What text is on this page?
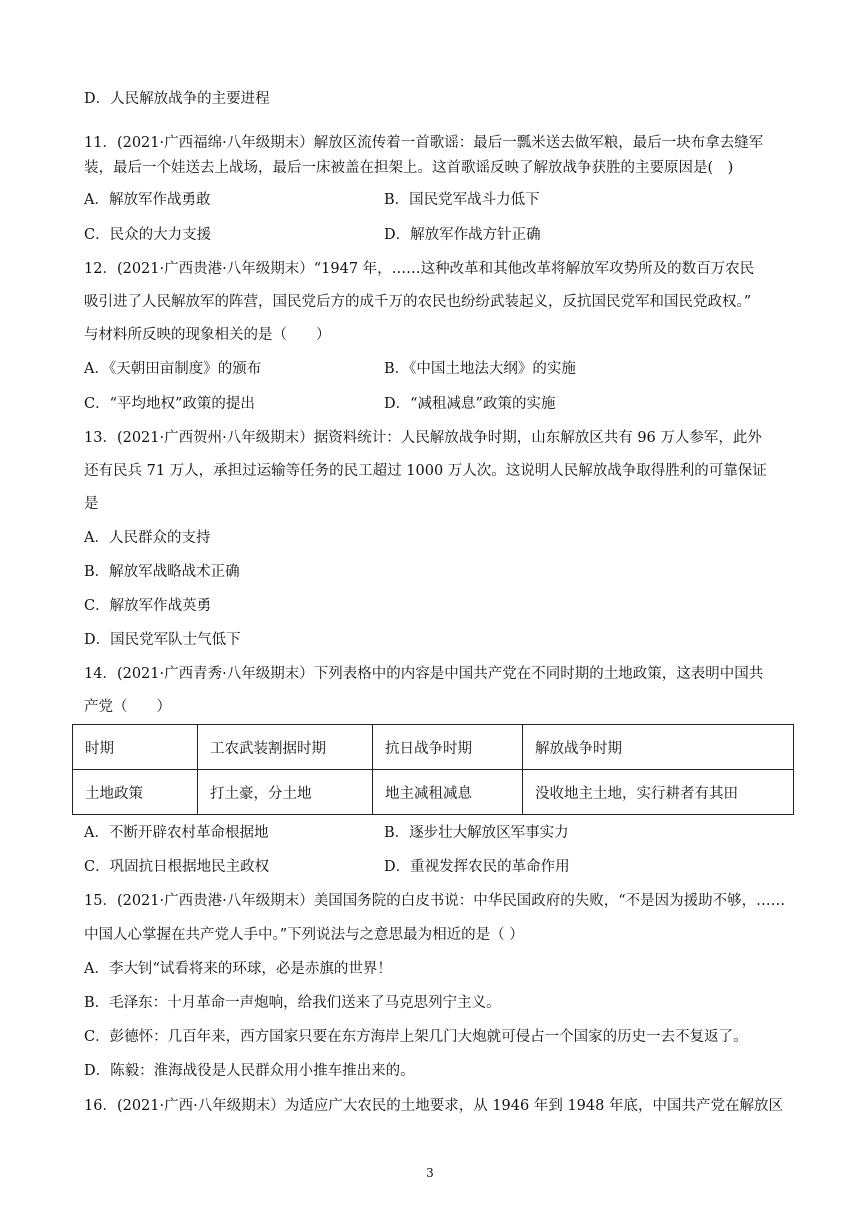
D．人民解放战争的主要进程
11．(2021·广西福绵·八年级期末）解放区流传着一首歌谣：最后一瓢米送去做军粮，最后一块布拿去缝军
装，最后一个娃送去上战场，最后一床被盖在担架上。这首歌谣反映了解放战争获胜的主要原因是(　)
A．解放军作战勇敢	B．国民党军战斗力低下
C．民众的大力支援	D．解放军作战方针正确
12．(2021·广西贵港·八年级期末）“1947 年，……这种改革和其他改革将解放军攻势所及的数百万农民
吸引进了人民解放军的阵营，国民党后方的成千万的农民也纷纷武装起义，反抗国民党军和国民党政权。”
与材料所反映的现象相关的是（　　）
A．《天朝田亩制度》的颁布	B．《中国土地法大纲》的实施
C．“平均地权”政策的提出	D．“减租减息”政策的实施
13．(2021·广西贺州·八年级期末）据资料统计：人民解放战争时期，山东解放区共有 96 万人参军，此外
还有民兵 71 万人，承担过运输等任务的民工超过 1000 万人次。这说明人民解放战争取得胜利的可靠保证
是
A．人民群众的支持
B．解放军战略战术正确
C．解放军作战英勇
D．国民党军队士气低下
14．(2021·广西青秀·八年级期末）下列表格中的内容是中国共产党在不同时期的土地政策，这表明中国共
产党（　　）
时期	工农武装割据时期	抗日战争时期	解放战争时期
土地政策	打土豪，分土地	地主减租减息	没收地主土地，实行耕者有其田
A．不断开辟农村革命根据地	B．逐步壮大解放区军事实力
C．巩固抗日根据地民主政权	D．重视发挥农民的革命作用
15．(2021·广西贵港·八年级期末）美国国务院的白皮书说：中华民国政府的失败，“不是因为援助不够，……
中国人心掌握在共产党人手中。”下列说法与之意思最为相近的是（ ）
A．李大钊“试看将来的环球，必是赤旗的世界！
B．毛泽东：十月革命一声炮响，给我们送来了马克思列宁主义。
C．彭德怀：几百年来，西方国家只要在东方海岸上架几门大炮就可侵占一个国家的历史一去不复返了。
D．陈毅：淮海战役是人民群众用小推车推出来的。
16．(2021·广西·八年级期末）为适应广大农民的土地要求，从 1946 年到 1948 年底，中国共产党在解放区
3
